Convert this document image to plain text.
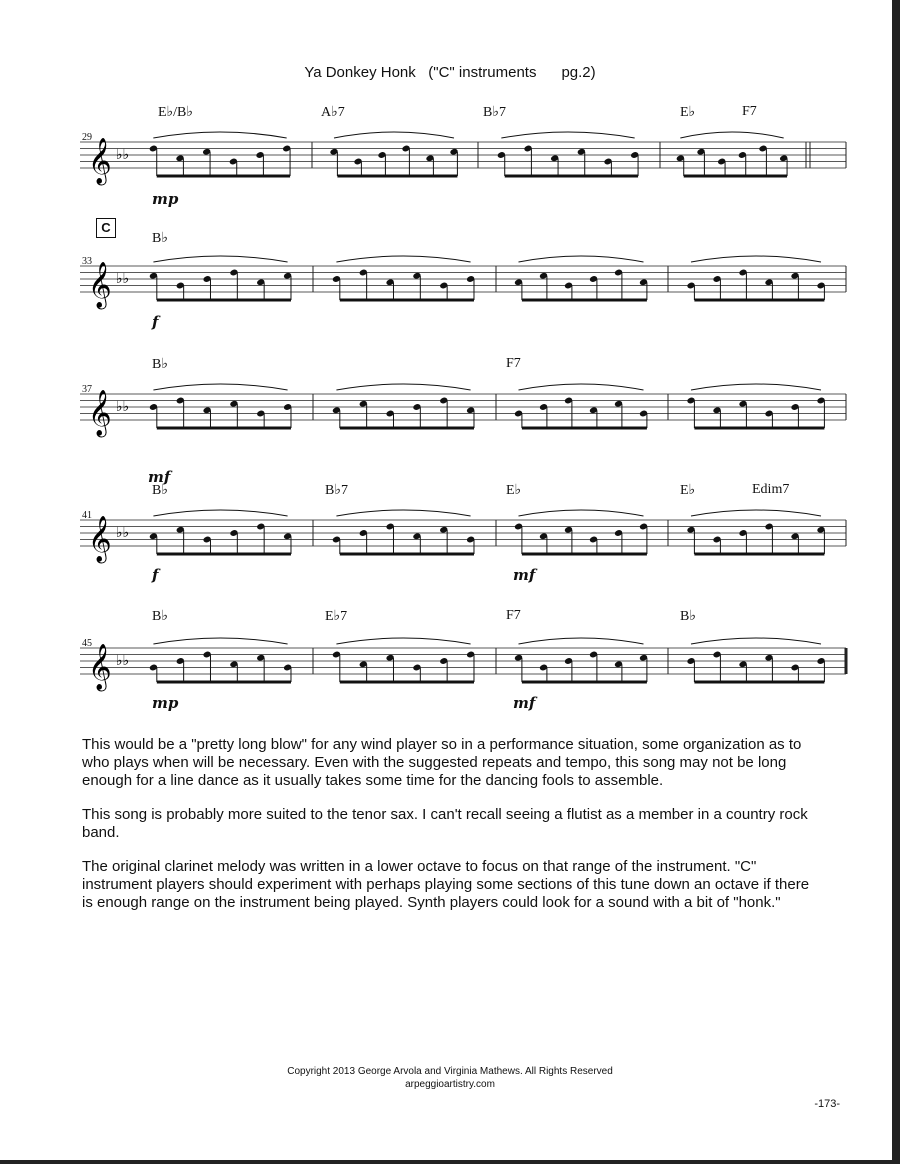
Ya Donkey Honk   ("C" instruments      pg.2)
E♭/B♭	A♭7	B♭7	E♭	F7
29
mp
C
B♭
33
f
B♭	F7
37
mf
B♭	B♭7	E♭	E♭	Edim7
41
f	mf
B♭	E♭7	F7	B♭
45
mp	mf
𝄞 ♭♭
𝄞 ♭♭
𝄞 ♭♭
𝄞 ♭♭
𝄞 ♭♭
This would be a "pretty long blow" for any wind player so in a performance situation, some organization as to who plays when will be necessary. Even with the suggested repeats and tempo, this song may not be long enough for a line dance as it usually takes some time for the dancing fools to assemble.
This song is probably more suited to the tenor sax. I can't recall seeing a flutist as a member in a country rock band.
The original clarinet melody was written in a lower octave to focus on that range of the instrument. "C" instrument players should experiment with perhaps playing some sections of this tune down an octave if there is enough range on the instrument being played. Synth players could look for a sound with a bit of "honk."
Copyright 2013 George Arvola and Virginia Mathews. All Rights Reserved
arpeggioartistry.com
-173-
